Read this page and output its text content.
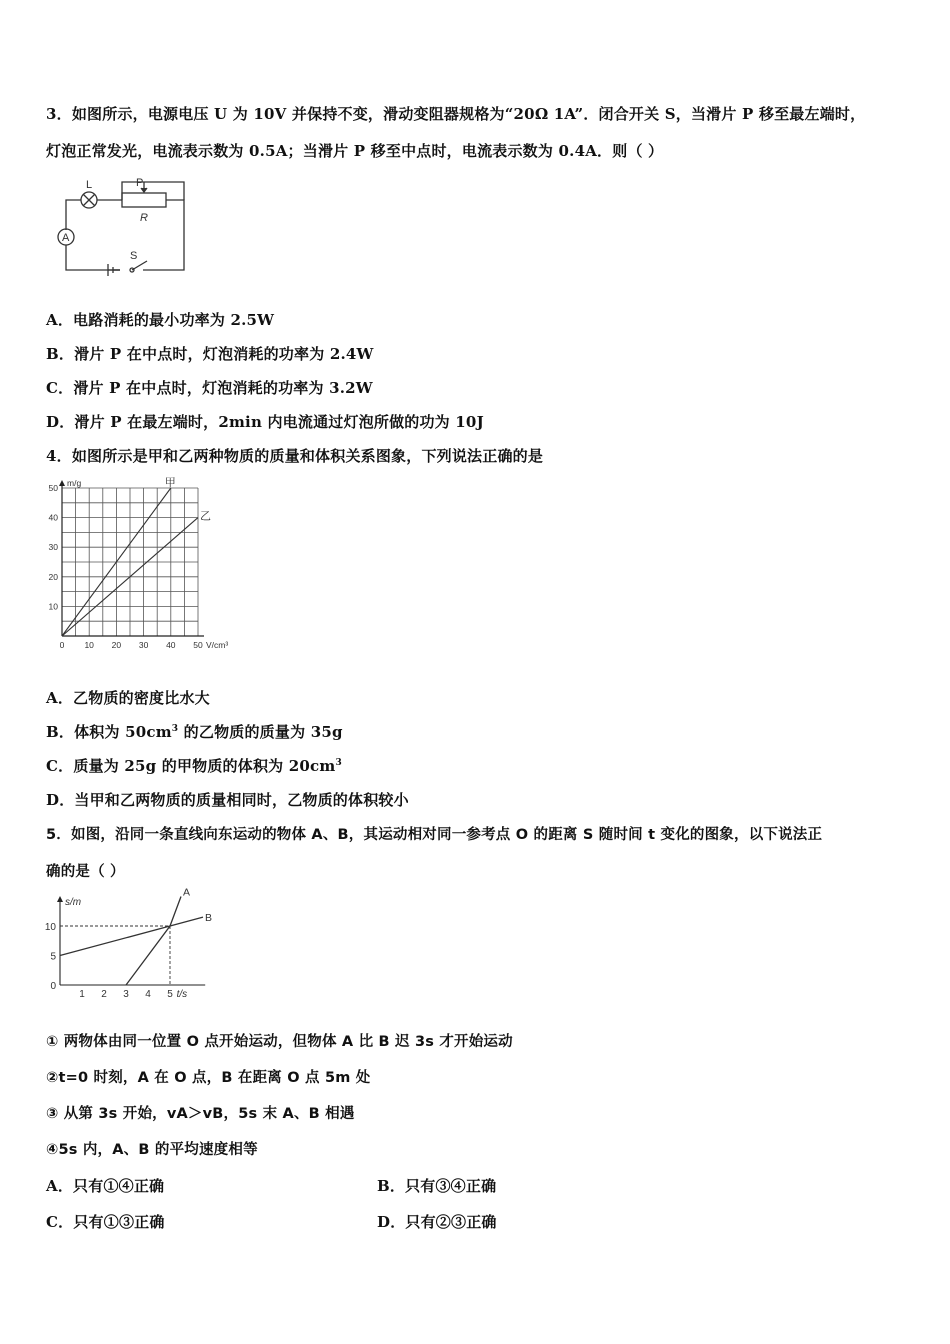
3．如图所示，电源电压 U 为 10V 并保持不变，滑动变阻器规格为“20Ω 1A”．闭合开关 S，当滑片 P 移至最左端时，
灯泡正常发光，电流表示数为 0.5A；当滑片 P 移至中点时，电流表示数为 0.4A．则（ ）
L	P
R
A
S
A．电路消耗的最小功率为 2.5W
B．滑片 P 在中点时，灯泡消耗的功率为 2.4W
C．滑片 P 在中点时，灯泡消耗的功率为 3.2W
D．滑片 P 在最左端时，2min 内电流通过灯泡所做的功为 10J
4．如图所示是甲和乙两种物质的质量和体积关系图象，下列说法正确的是
0 10 20 30 40 50
10
20
30
40
50 m/g
V/cm³
甲
乙
A．乙物质的密度比水大
B．体积为 $50cm^3$ 的乙物质的质量为 35g
C．质量为 25g 的甲物质的体积为 $20cm^3$
D．当甲和乙两物质的质量相同时，乙物质的体积较小
5．如图，沿同一条直线向东运动的物体 A、B，其运动相对同一参考点 O 的距离 S 随时间 t 变化的图象，以下说法正
确的是（ ）
1 2 3 4 5
0
5
10
s/m
t/s
A
B
① 两物体由同一位置 O 点开始运动，但物体 A 比 B 迟 3s 才开始运动
②t=0 时刻，A 在 O 点，B 在距离 O 点 5m 处
③ 从第 3s 开始，vA＞vB，5s 末 A、B 相遇
④5s 内，A、B 的平均速度相等
A．只有①④正确	B．只有③④正确
C．只有①③正确	D．只有②③正确
